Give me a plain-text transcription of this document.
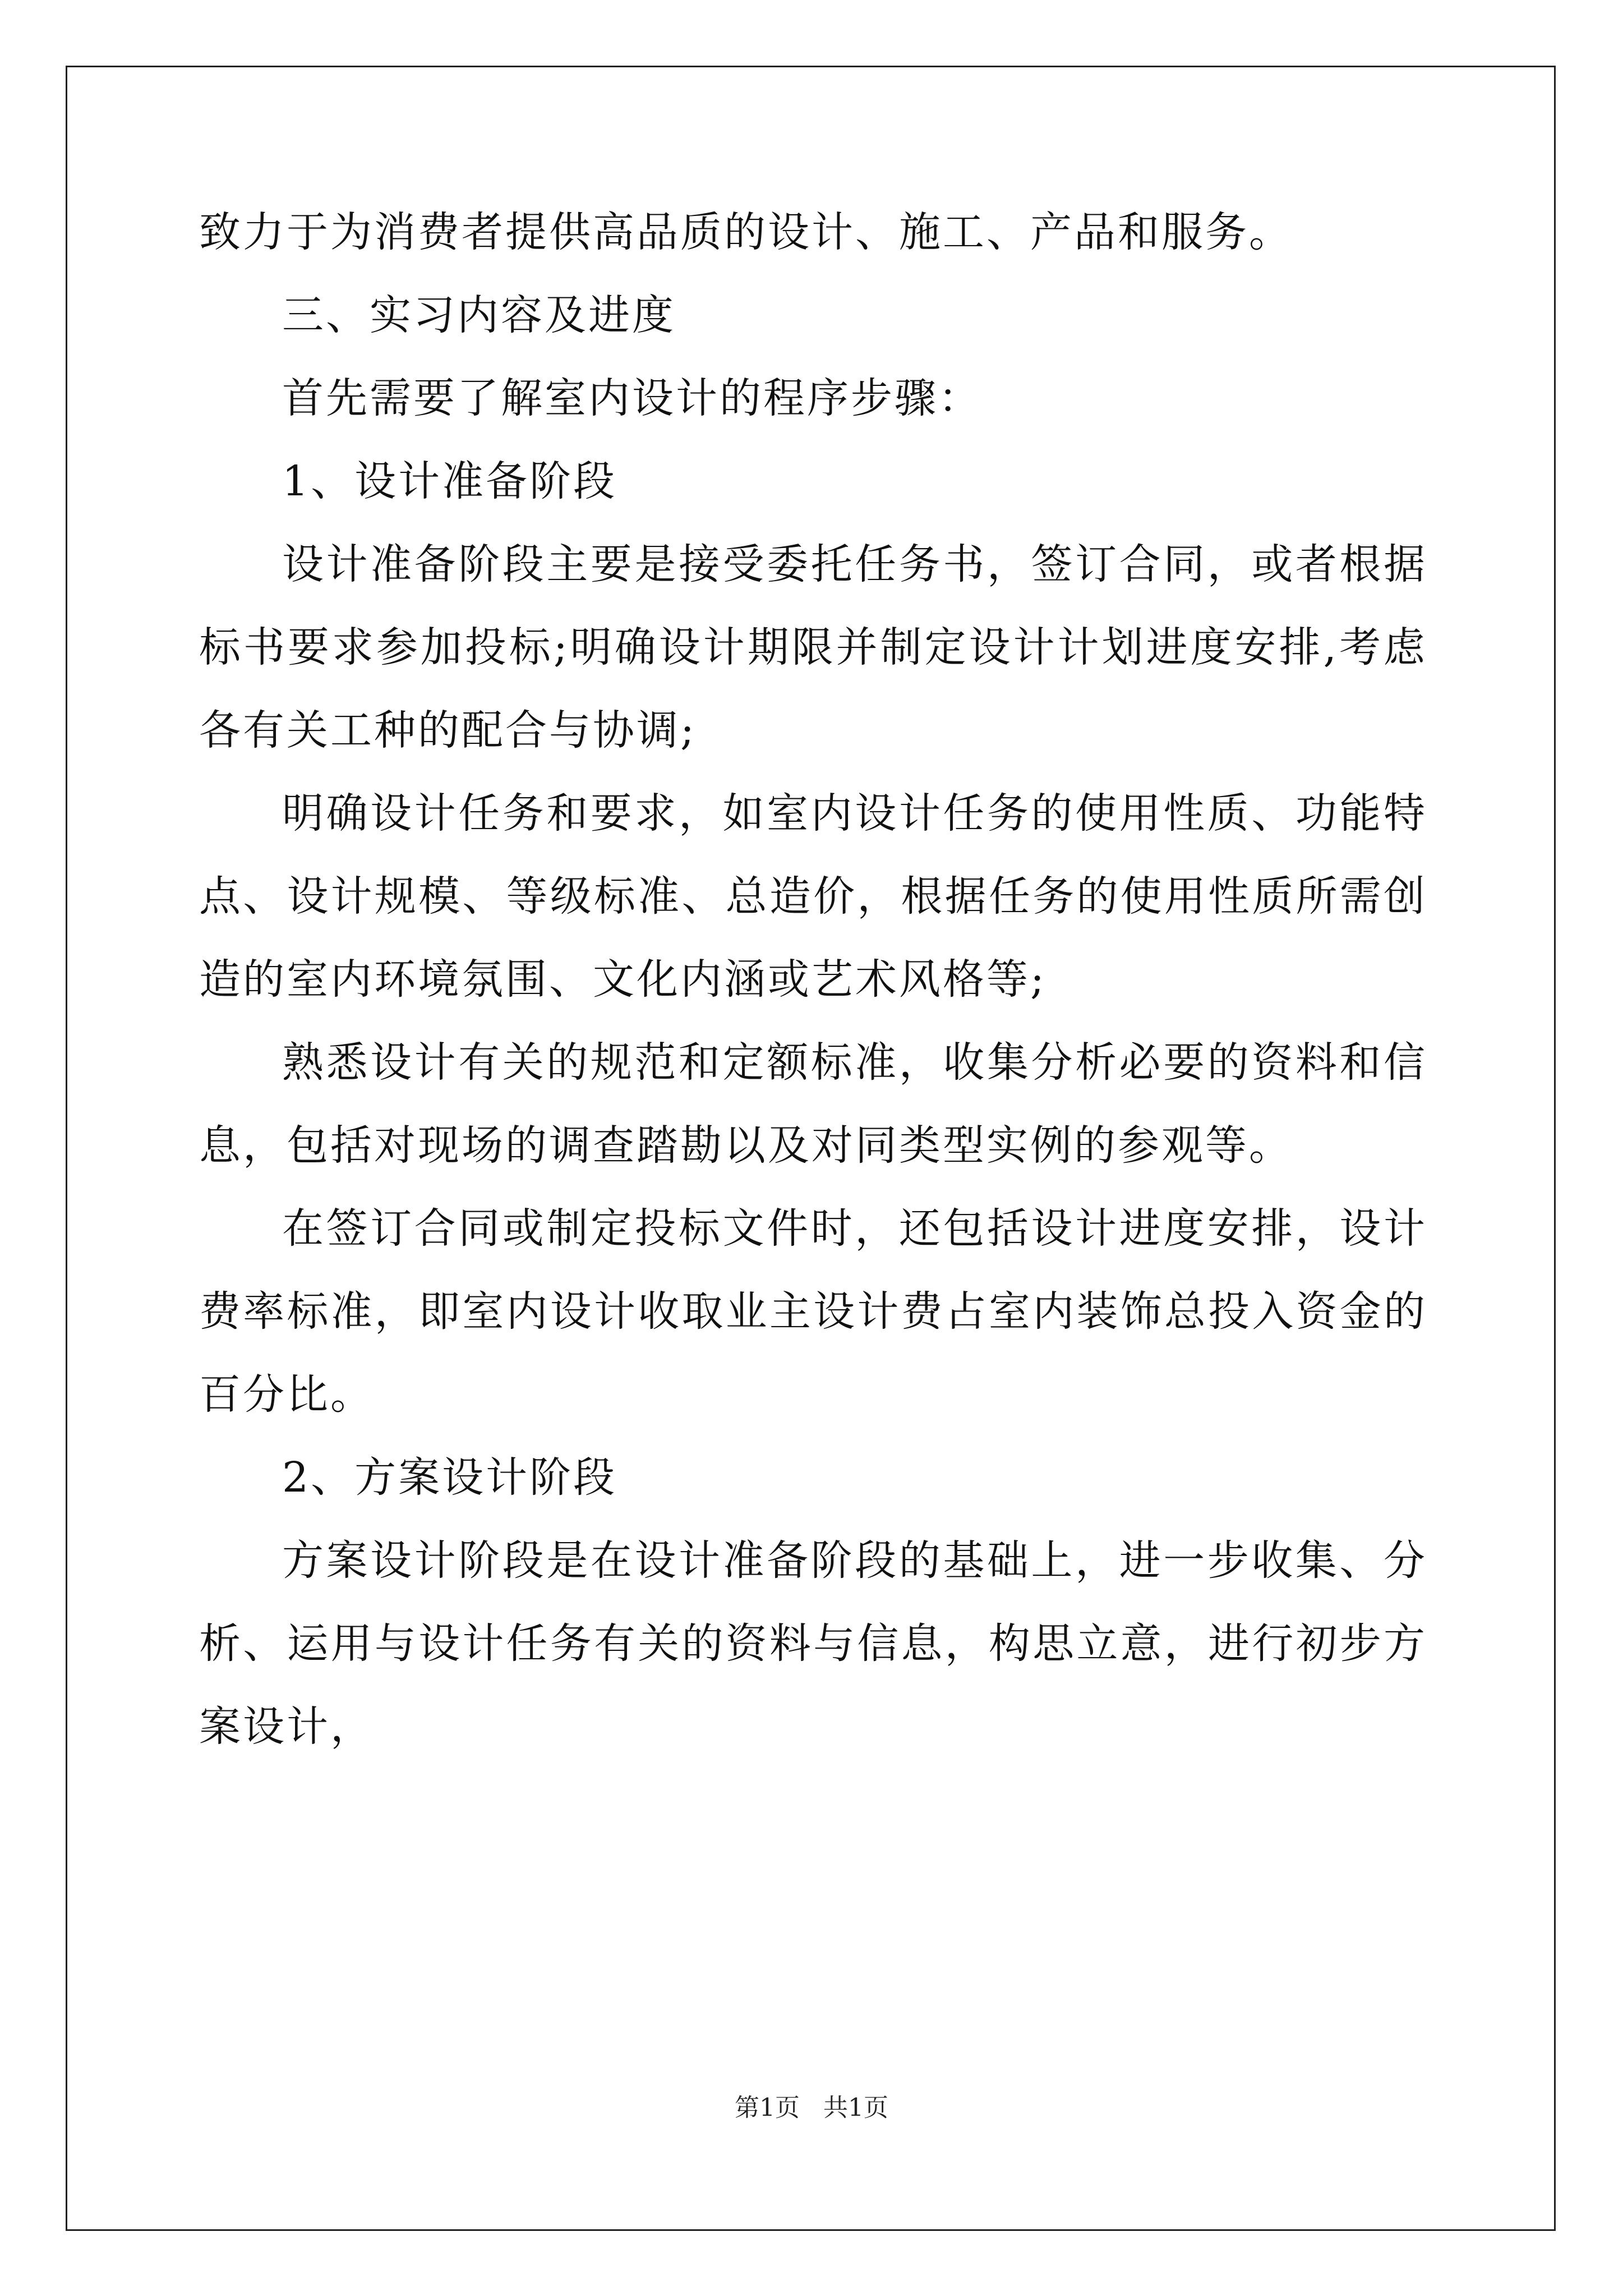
致力于为消费者提供高品质的设计、施工、产品和服务。

三、实习内容及进度

首先需要了解室内设计的程序步骤：

1、设计准备阶段

设计准备阶段主要是接受委托任务书，签订合同，或者根据标书要求参加投标;明确设计期限并制定设计计划进度安排,考虑各有关工种的配合与协调;

明确设计任务和要求，如室内设计任务的使用性质、功能特点、设计规模、等级标准、总造价，根据任务的使用性质所需创造的室内环境氛围、文化内涵或艺术风格等;

熟悉设计有关的规范和定额标准，收集分析必要的资料和信息，包括对现场的调查踏勘以及对同类型实例的参观等。

在签订合同或制定投标文件时，还包括设计进度安排，设计费率标准，即室内设计收取业主设计费占室内装饰总投入资金的百分比。

2、方案设计阶段

方案设计阶段是在设计准备阶段的基础上，进一步收集、分析、运用与设计任务有关的资料与信息，构思立意，进行初步方案设计，

第1页   共1页
